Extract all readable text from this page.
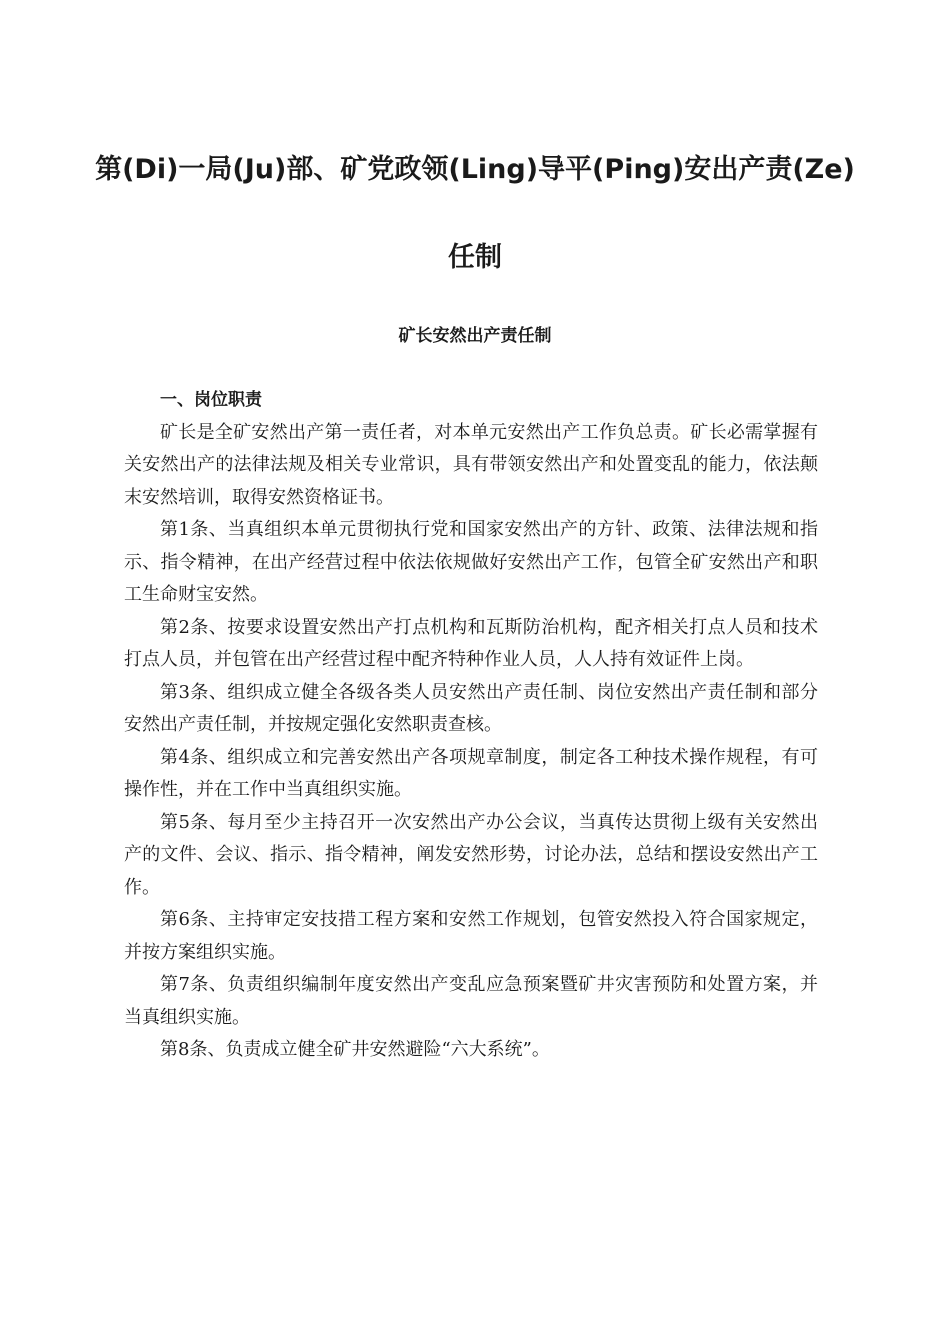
第(Di)一局(Ju)部、矿党政领(Ling)导平(Ping)安出产责(Ze)
任制
矿长安然出产责任制

一、岗位职责

矿长是全矿安然出产第一责任者，对本单元安然出产工作负总责。矿长必需掌握有关安然出产的法律法规及相关专业常识，具有带领安然出产和处置变乱的能力，依法颠末安然培训，取得安然资格证书。

第1条、当真组织本单元贯彻执行党和国家安然出产的方针、政策、法律法规和指示、指令精神，在出产经营过程中依法依规做好安然出产工作，包管全矿安然出产和职工生命财宝安然。

第2条、按要求设置安然出产打点机构和瓦斯防治机构，配齐相关打点人员和技术打点人员，并包管在出产经营过程中配齐特种作业人员，人人持有效证件上岗。

第3条、组织成立健全各级各类人员安然出产责任制、岗位安然出产责任制和部分安然出产责任制，并按规定强化安然职责查核。

第4条、组织成立和完善安然出产各项规章制度，制定各工种技术操作规程，有可操作性，并在工作中当真组织实施。

第5条、每月至少主持召开一次安然出产办公会议，当真传达贯彻上级有关安然出产的文件、会议、指示、指令精神，阐发安然形势，讨论办法，总结和摆设安然出产工作。

第6条、主持审定安技措工程方案和安然工作规划，包管安然投入符合国家规定，并按方案组织实施。

第7条、负责组织编制年度安然出产变乱应急预案暨矿井灾害预防和处置方案，并当真组织实施。

第8条、负责成立健全矿井安然避险“六大系统”。
